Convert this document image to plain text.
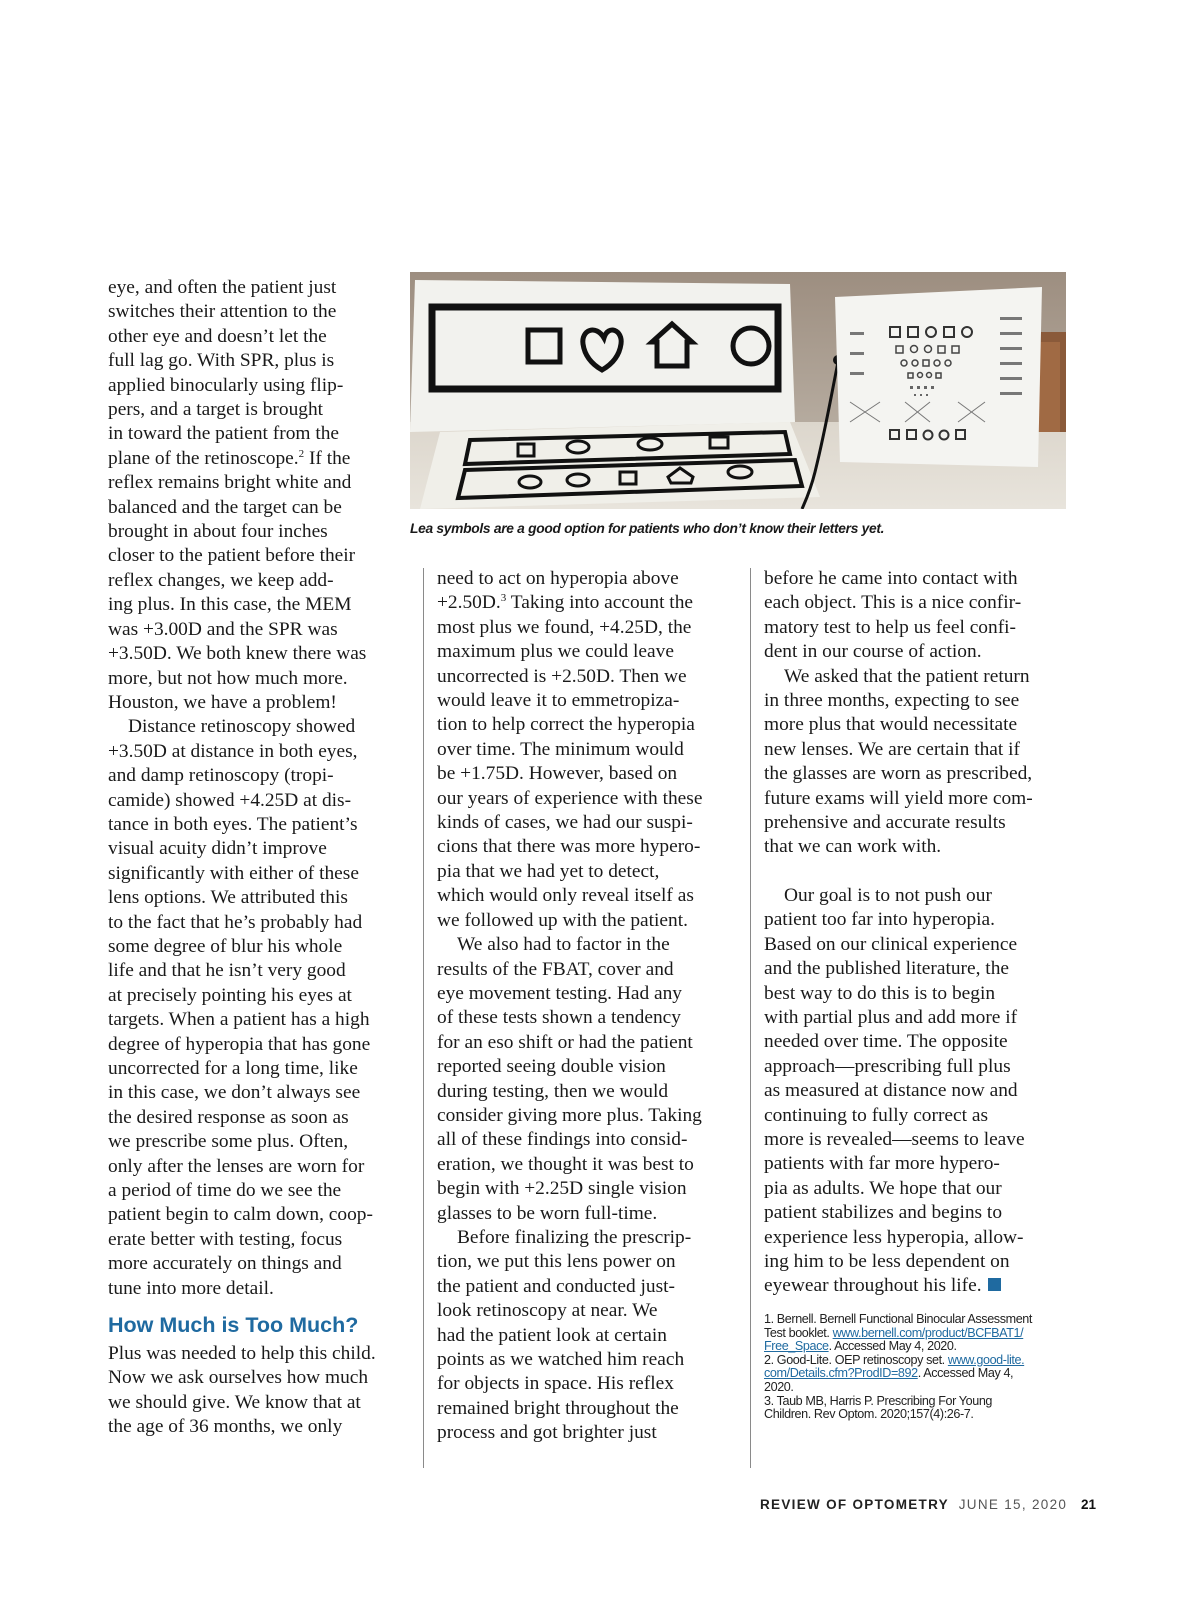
eye, and often the patient just
switches their attention to the
other eye and doesn’t let the
full lag go. With SPR, plus is
applied binocularly using flip-
pers, and a target is brought
in toward the patient from the
plane of the retinoscope.$^2$ If the
reflex remains bright white and
balanced and the target can be
brought in about four inches
closer to the patient before their
reflex changes, we keep add-
ing plus. In this case, the MEM
was +3.00D and the SPR was
+3.50D. We both knew there was
more, but not how much more.
Houston, we have a problem!
Distance retinoscopy showed
+3.50D at distance in both eyes,
and damp retinoscopy (tropi-
camide) showed +4.25D at dis-
tance in both eyes. The patient’s
visual acuity didn’t improve
significantly with either of these
lens options. We attributed this
to the fact that he’s probably had
some degree of blur his whole
life and that he isn’t very good
at precisely pointing his eyes at
targets. When a patient has a high
degree of hyperopia that has gone
uncorrected for a long time, like
in this case, we don’t always see
the desired response as soon as
we prescribe some plus. Often,
only after the lenses are worn for
a period of time do we see the
patient begin to calm down, coop-
erate better with testing, focus
more accurately on things and
tune into more detail.
How Much is Too Much?
Plus was needed to help this child.
Now we ask ourselves how much
we should give. We know that at
the age of 36 months, we only
Lea symbols are a good option for patients who don’t know their letters yet.
need to act on hyperopia above
+2.50D.$^3$ Taking into account the
most plus we found, +4.25D, the
maximum plus we could leave
uncorrected is +2.50D. Then we
would leave it to emmetropiza-
tion to help correct the hyperopia
over time. The minimum would
be +1.75D. However, based on
our years of experience with these
kinds of cases, we had our suspi-
cions that there was more hypero-
pia that we had yet to detect,
which would only reveal itself as
we followed up with the patient.
We also had to factor in the
results of the FBAT, cover and
eye movement testing. Had any
of these tests shown a tendency
for an eso shift or had the patient
reported seeing double vision
during testing, then we would
consider giving more plus. Taking
all of these findings into consid-
eration, we thought it was best to
begin with +2.25D single vision
glasses to be worn full-time.
Before finalizing the prescrip-
tion, we put this lens power on
the patient and conducted just-
look retinoscopy at near. We
had the patient look at certain
points as we watched him reach
for objects in space. His reflex
remained bright throughout the
process and got brighter just
before he came into contact with
each object. This is a nice confir-
matory test to help us feel confi-
dent in our course of action.
We asked that the patient return
in three months, expecting to see
more plus that would necessitate
new lenses. We are certain that if
the glasses are worn as prescribed,
future exams will yield more com-
prehensive and accurate results
that we can work with.
Our goal is to not push our
patient too far into hyperopia.
Based on our clinical experience
and the published literature, the
best way to do this is to begin
with partial plus and add more if
needed over time. The opposite
approach—prescribing full plus
as measured at distance now and
continuing to fully correct as
more is revealed—seems to leave
patients with far more hypero-
pia as adults. We hope that our
patient stabilizes and begins to
experience less hyperopia, allow-
ing him to be less dependent on
eyewear throughout his life.
1. Bernell. Bernell Functional Binocular Assessment
Test booklet. www.bernell.com/product/BCFBAT1/
Free_Space. Accessed May 4, 2020.
2. Good-Lite. OEP retinoscopy set. www.good-lite.
com/Details.cfm?ProdID=892. Accessed May 4,
2020.
3. Taub MB, Harris P. Prescribing For Young
Children. Rev Optom. 2020;157(4):26-7.
REVIEW OF OPTOMETRY JUNE 15, 2020 21
